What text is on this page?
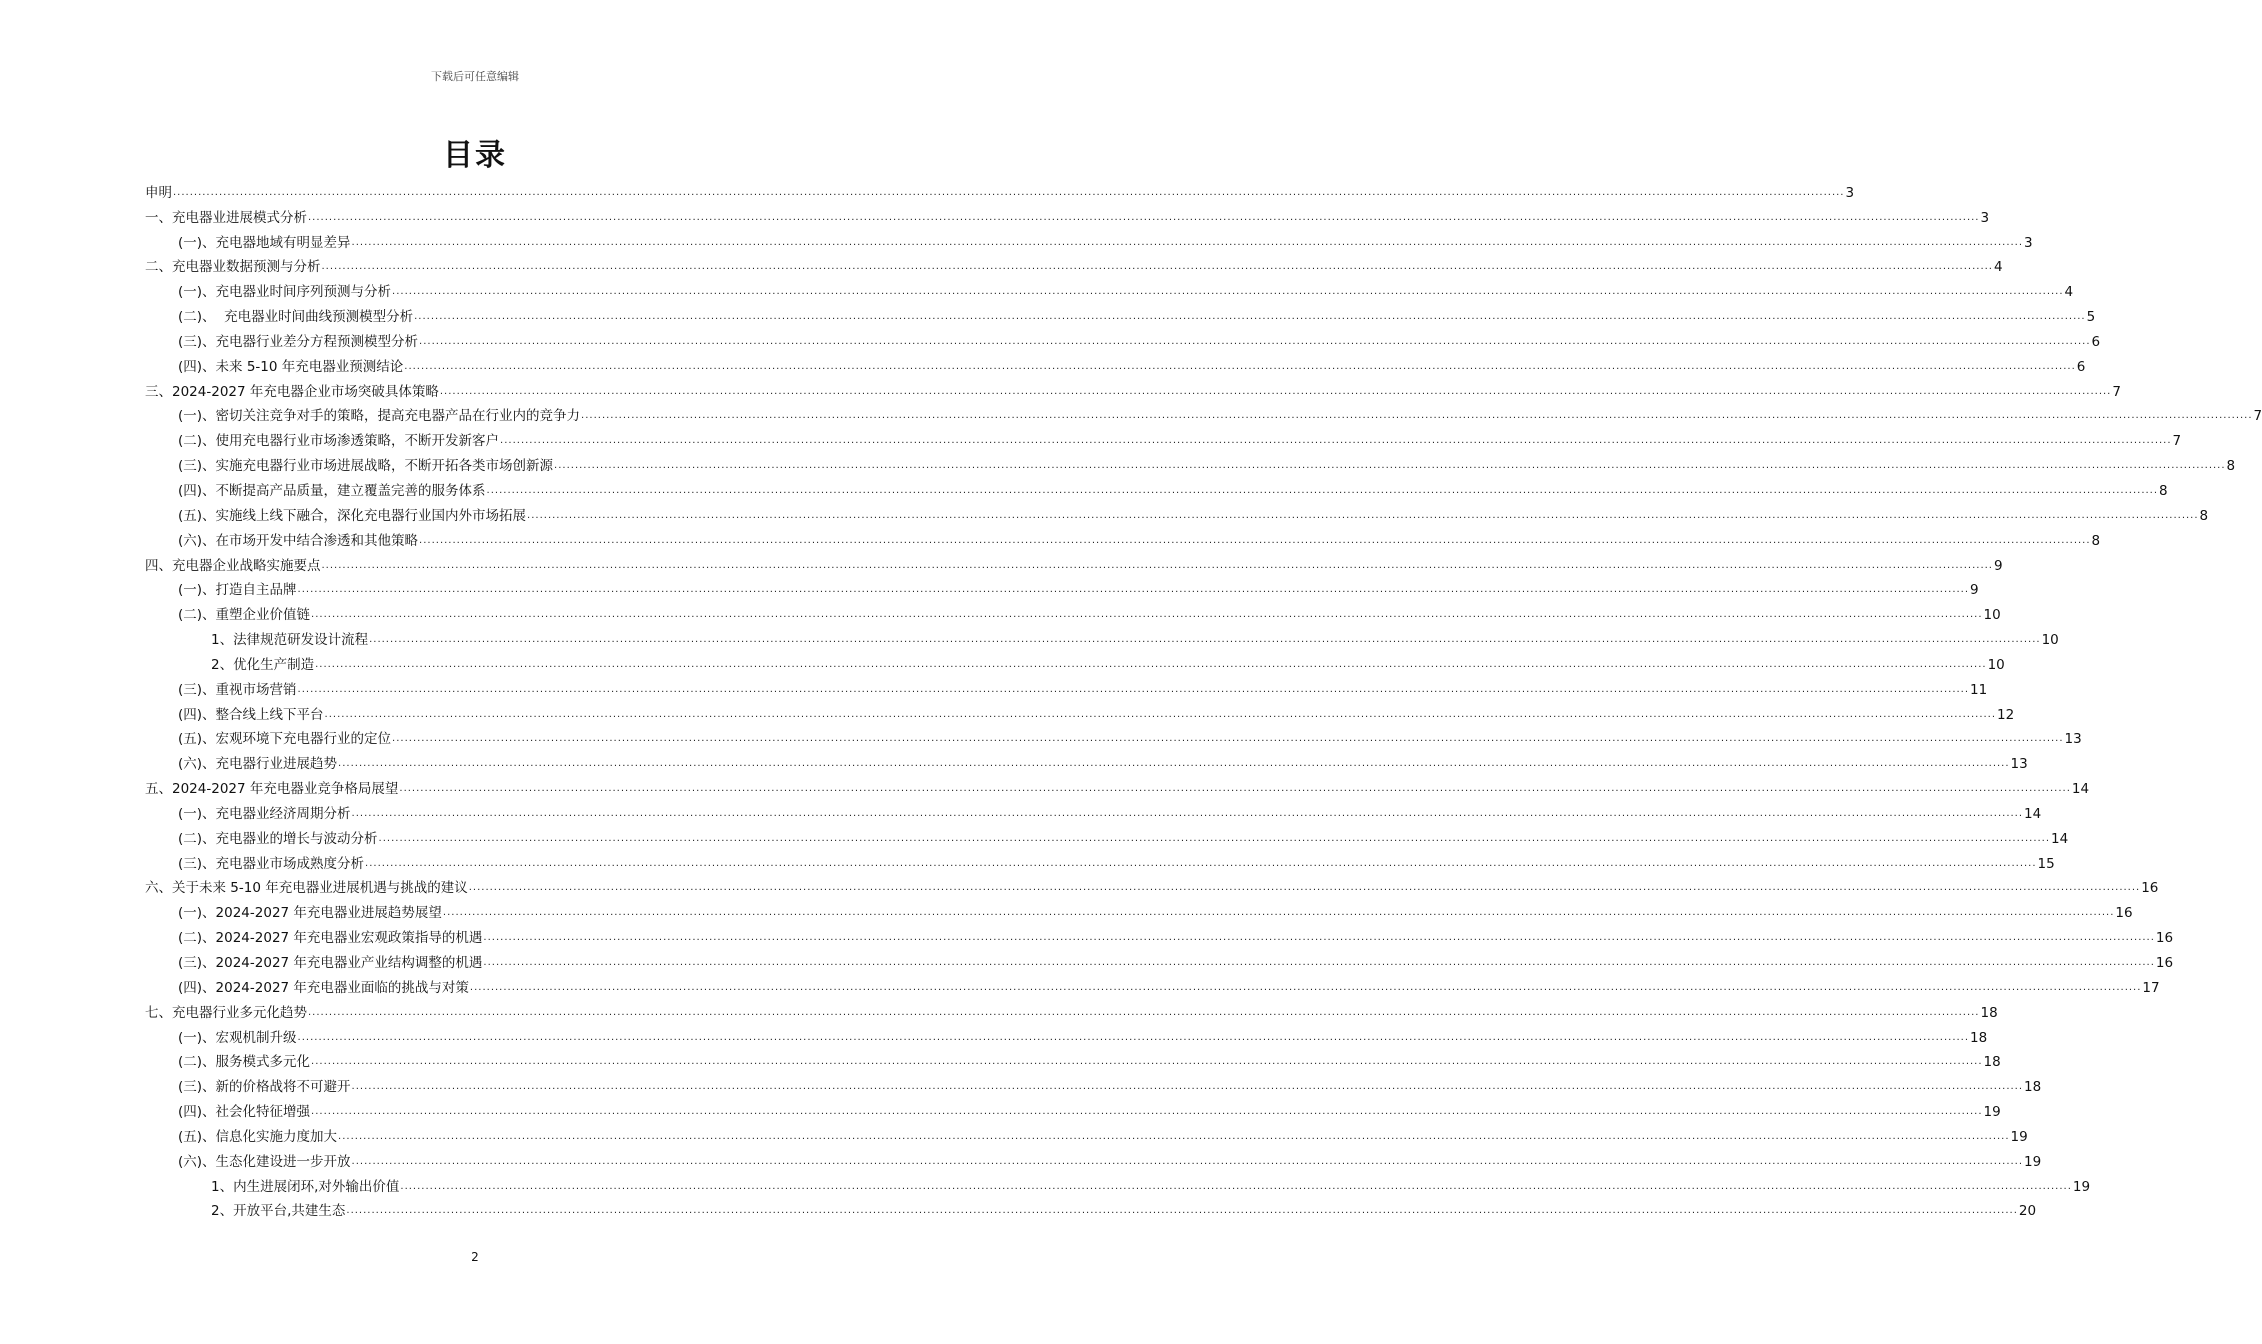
下载后可任意编辑
目录
申明 ................................................................................................................................................................................................................................................................................................................................................................................................................ 3
一、充电器业进展模式分析 ................................................................................................................................................................................................................................................................................................................................................................................................................ 3
(一)、充电器地域有明显差异 ................................................................................................................................................................................................................................................................................................................................................................................................................ 3
二、充电器业数据预测与分析 ................................................................................................................................................................................................................................................................................................................................................................................................................ 4
(一)、充电器业时间序列预测与分析 ................................................................................................................................................................................................................................................................................................................................................................................................................ 4
(二)、  充电器业时间曲线预测模型分析 ................................................................................................................................................................................................................................................................................................................................................................................................................ 5
(三)、充电器行业差分方程预测模型分析 ................................................................................................................................................................................................................................................................................................................................................................................................................ 6
(四)、未来 5-10 年充电器业预测结论 ................................................................................................................................................................................................................................................................................................................................................................................................................ 6
三、2024-2027 年充电器企业市场突破具体策略 ................................................................................................................................................................................................................................................................................................................................................................................................................ 7
(一)、密切关注竞争对手的策略，提高充电器产品在行业内的竞争力 ................................................................................................................................................................................................................................................................................................................................................................................................................ 7
(二)、使用充电器行业市场渗透策略，不断开发新客户 ................................................................................................................................................................................................................................................................................................................................................................................................................ 7
(三)、实施充电器行业市场进展战略，不断开拓各类市场创新源 ................................................................................................................................................................................................................................................................................................................................................................................................................ 8
(四)、不断提高产品质量，建立覆盖完善的服务体系 ................................................................................................................................................................................................................................................................................................................................................................................................................ 8
(五)、实施线上线下融合，深化充电器行业国内外市场拓展 ................................................................................................................................................................................................................................................................................................................................................................................................................ 8
(六)、在市场开发中结合渗透和其他策略 ................................................................................................................................................................................................................................................................................................................................................................................................................ 8
四、充电器企业战略实施要点 ................................................................................................................................................................................................................................................................................................................................................................................................................ 9
(一)、打造自主品牌 ................................................................................................................................................................................................................................................................................................................................................................................................................ 9
(二)、重塑企业价值链 ................................................................................................................................................................................................................................................................................................................................................................................................................ 10
1、法律规范研发设计流程 ................................................................................................................................................................................................................................................................................................................................................................................................................ 10
2、优化生产制造 ................................................................................................................................................................................................................................................................................................................................................................................................................ 10
(三)、重视市场营销 ................................................................................................................................................................................................................................................................................................................................................................................................................ 11
(四)、整合线上线下平台 ................................................................................................................................................................................................................................................................................................................................................................................................................ 12
(五)、宏观环境下充电器行业的定位 ................................................................................................................................................................................................................................................................................................................................................................................................................ 13
(六)、充电器行业进展趋势 ................................................................................................................................................................................................................................................................................................................................................................................................................ 13
五、2024-2027 年充电器业竞争格局展望 ................................................................................................................................................................................................................................................................................................................................................................................................................ 14
(一)、充电器业经济周期分析 ................................................................................................................................................................................................................................................................................................................................................................................................................ 14
(二)、充电器业的增长与波动分析 ................................................................................................................................................................................................................................................................................................................................................................................................................ 14
(三)、充电器业市场成熟度分析 ................................................................................................................................................................................................................................................................................................................................................................................................................ 15
六、关于未来 5-10 年充电器业进展机遇与挑战的建议 ................................................................................................................................................................................................................................................................................................................................................................................................................ 16
(一)、2024-2027 年充电器业进展趋势展望 ................................................................................................................................................................................................................................................................................................................................................................................................................ 16
(二)、2024-2027 年充电器业宏观政策指导的机遇 ................................................................................................................................................................................................................................................................................................................................................................................................................ 16
(三)、2024-2027 年充电器业产业结构调整的机遇 ................................................................................................................................................................................................................................................................................................................................................................................................................ 16
(四)、2024-2027 年充电器业面临的挑战与对策 ................................................................................................................................................................................................................................................................................................................................................................................................................ 17
七、充电器行业多元化趋势 ................................................................................................................................................................................................................................................................................................................................................................................................................ 18
(一)、宏观机制升级 ................................................................................................................................................................................................................................................................................................................................................................................................................ 18
(二)、服务模式多元化 ................................................................................................................................................................................................................................................................................................................................................................................................................ 18
(三)、新的价格战将不可避开 ................................................................................................................................................................................................................................................................................................................................................................................................................ 18
(四)、社会化特征增强 ................................................................................................................................................................................................................................................................................................................................................................................................................ 19
(五)、信息化实施力度加大 ................................................................................................................................................................................................................................................................................................................................................................................................................ 19
(六)、生态化建设进一步开放 ................................................................................................................................................................................................................................................................................................................................................................................................................ 19
1、内生进展闭环,对外输出价值 ................................................................................................................................................................................................................................................................................................................................................................................................................ 19
2、开放平台,共建生态 ................................................................................................................................................................................................................................................................................................................................................................................................................ 20
2
